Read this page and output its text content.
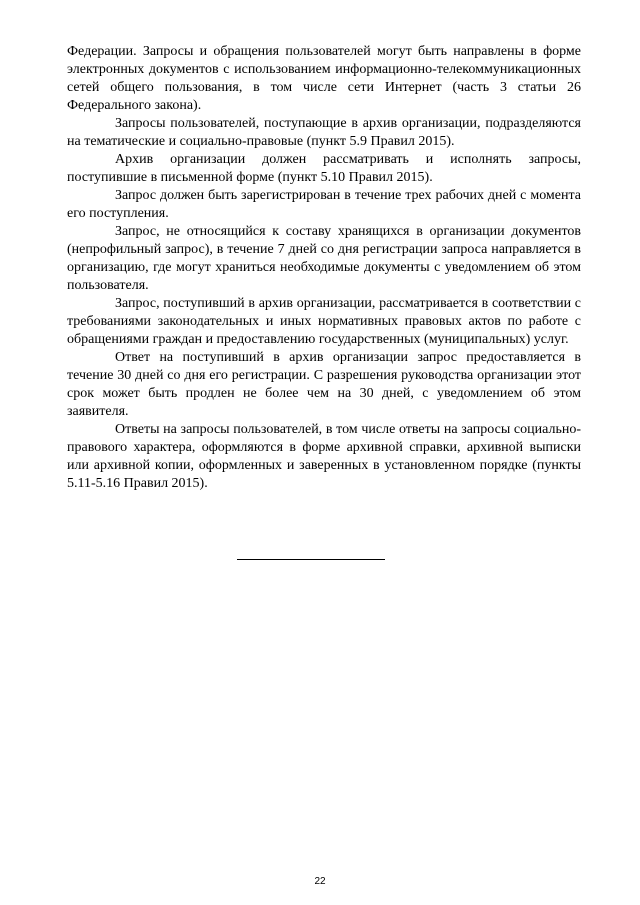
Федерации. Запросы и обращения пользователей могут быть направлены в форме электронных документов с использованием информационно-телекоммуникационных сетей общего пользования, в том числе сети Интернет (часть 3 статьи 26 Федерального закона).

Запросы пользователей, поступающие в архив организации, подразделяются на тематические и социально-правовые (пункт 5.9 Правил 2015).

Архив организации должен рассматривать и исполнять запросы, поступившие в письменной форме (пункт 5.10 Правил 2015).

Запрос должен быть зарегистрирован в течение трех рабочих дней с момента его поступления.

Запрос, не относящийся к составу хранящихся в организации документов (непрофильный запрос), в течение 7 дней со дня регистрации запроса направляется в организацию, где могут храниться необходимые документы с уведомлением об этом пользователя.

Запрос, поступивший в архив организации, рассматривается в соответствии с требованиями законодательных и иных нормативных правовых актов по работе с обращениями граждан и предоставлению государственных (муниципальных) услуг.

Ответ на поступивший в архив организации запрос предоставляется в течение 30 дней со дня его регистрации. С разрешения руководства организации этот срок может быть продлен не более чем на 30 дней, с уведомлением об этом заявителя.

Ответы на запросы пользователей, в том числе ответы на запросы социально-правового характера, оформляются в форме архивной справки, архивной выписки или архивной копии, оформленных и заверенных в установленном порядке (пункты 5.11-5.16 Правил 2015).

22
